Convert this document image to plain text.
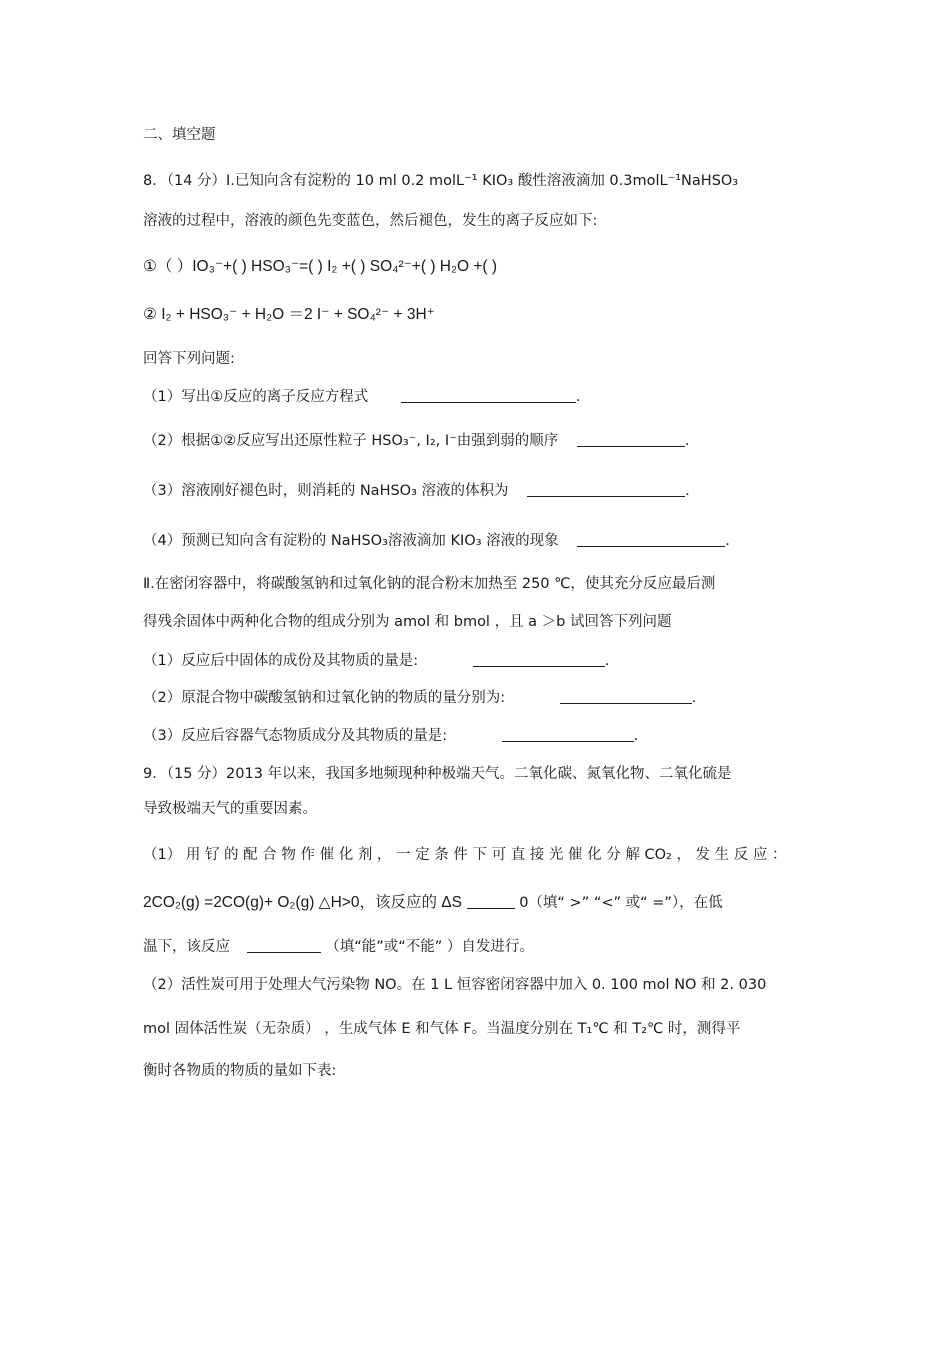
二、填空题
8．（14 分）Ⅰ.已知向含有淀粉的 10 ml 0.2 molL⁻¹ KIO₃ 酸性溶液滴加 0.3molL⁻¹NaHSO₃
溶液的过程中，溶液的颜色先变蓝色，然后褪色，发生的离子反应如下:
①（ ）IO₃⁻+( ) HSO₃⁻=( ) I₂ +( ) SO₄²⁻+( ) H₂O +( )
② I₂ + HSO₃⁻ + H₂O ＝2 I⁻ + SO₄²⁻ + 3H⁺
回答下列问题:
（1）写出①反应的离子反应方程式	.
（2）根据①②反应写出还原性粒子 HSO₃⁻, I₂, I⁻由强到弱的顺序	.
（3）溶液刚好褪色时，则消耗的 NaHSO₃ 溶液的体积为	.
（4）预测已知向含有淀粉的 NaHSO₃溶液滴加 KIO₃ 溶液的现象	.
Ⅱ.在密闭容器中，将碳酸氢钠和过氧化钠的混合粉末加热至 250 ℃，使其充分反应最后测
得残余固体中两种化合物的组成分别为 amol 和 bmol ，且 a ＞b 试回答下列问题
（1）反应后中固体的成份及其物质的量是:	.
（2）原混合物中碳酸氢钠和过氧化钠的物质的量分别为:	.
（3）反应后容器气态物质成分及其物质的量是:	.
9．（15 分）2013 年以来，我国多地频现种种极端天气。二氧化碳、氮氧化物、二氧化硫是
导致极端天气的重要因素。
（1） 用 钌 的 配 合 物 作 催 化 剂 ， 一 定 条 件 下 可 直 接 光 催 化 分 解 CO₂ ， 发 生 反 应 ：
2CO₂(g) =2CO(g)+ O₂(g) △H>0，该反应的 ΔS	0（填“ >” “<” 或“ =”），在低
温下，该反应	（填“能”或“不能” ）自发进行。
（2）活性炭可用于处理大气污染物 NO。在 1 L 恒容密闭容器中加入 0. 100 mol NO 和 2. 030
mol 固体活性炭（无杂质） ，生成气体 E 和气体 F。当温度分别在 T₁℃ 和 T₂℃ 时，测得平
衡时各物质的物质的量如下表:
